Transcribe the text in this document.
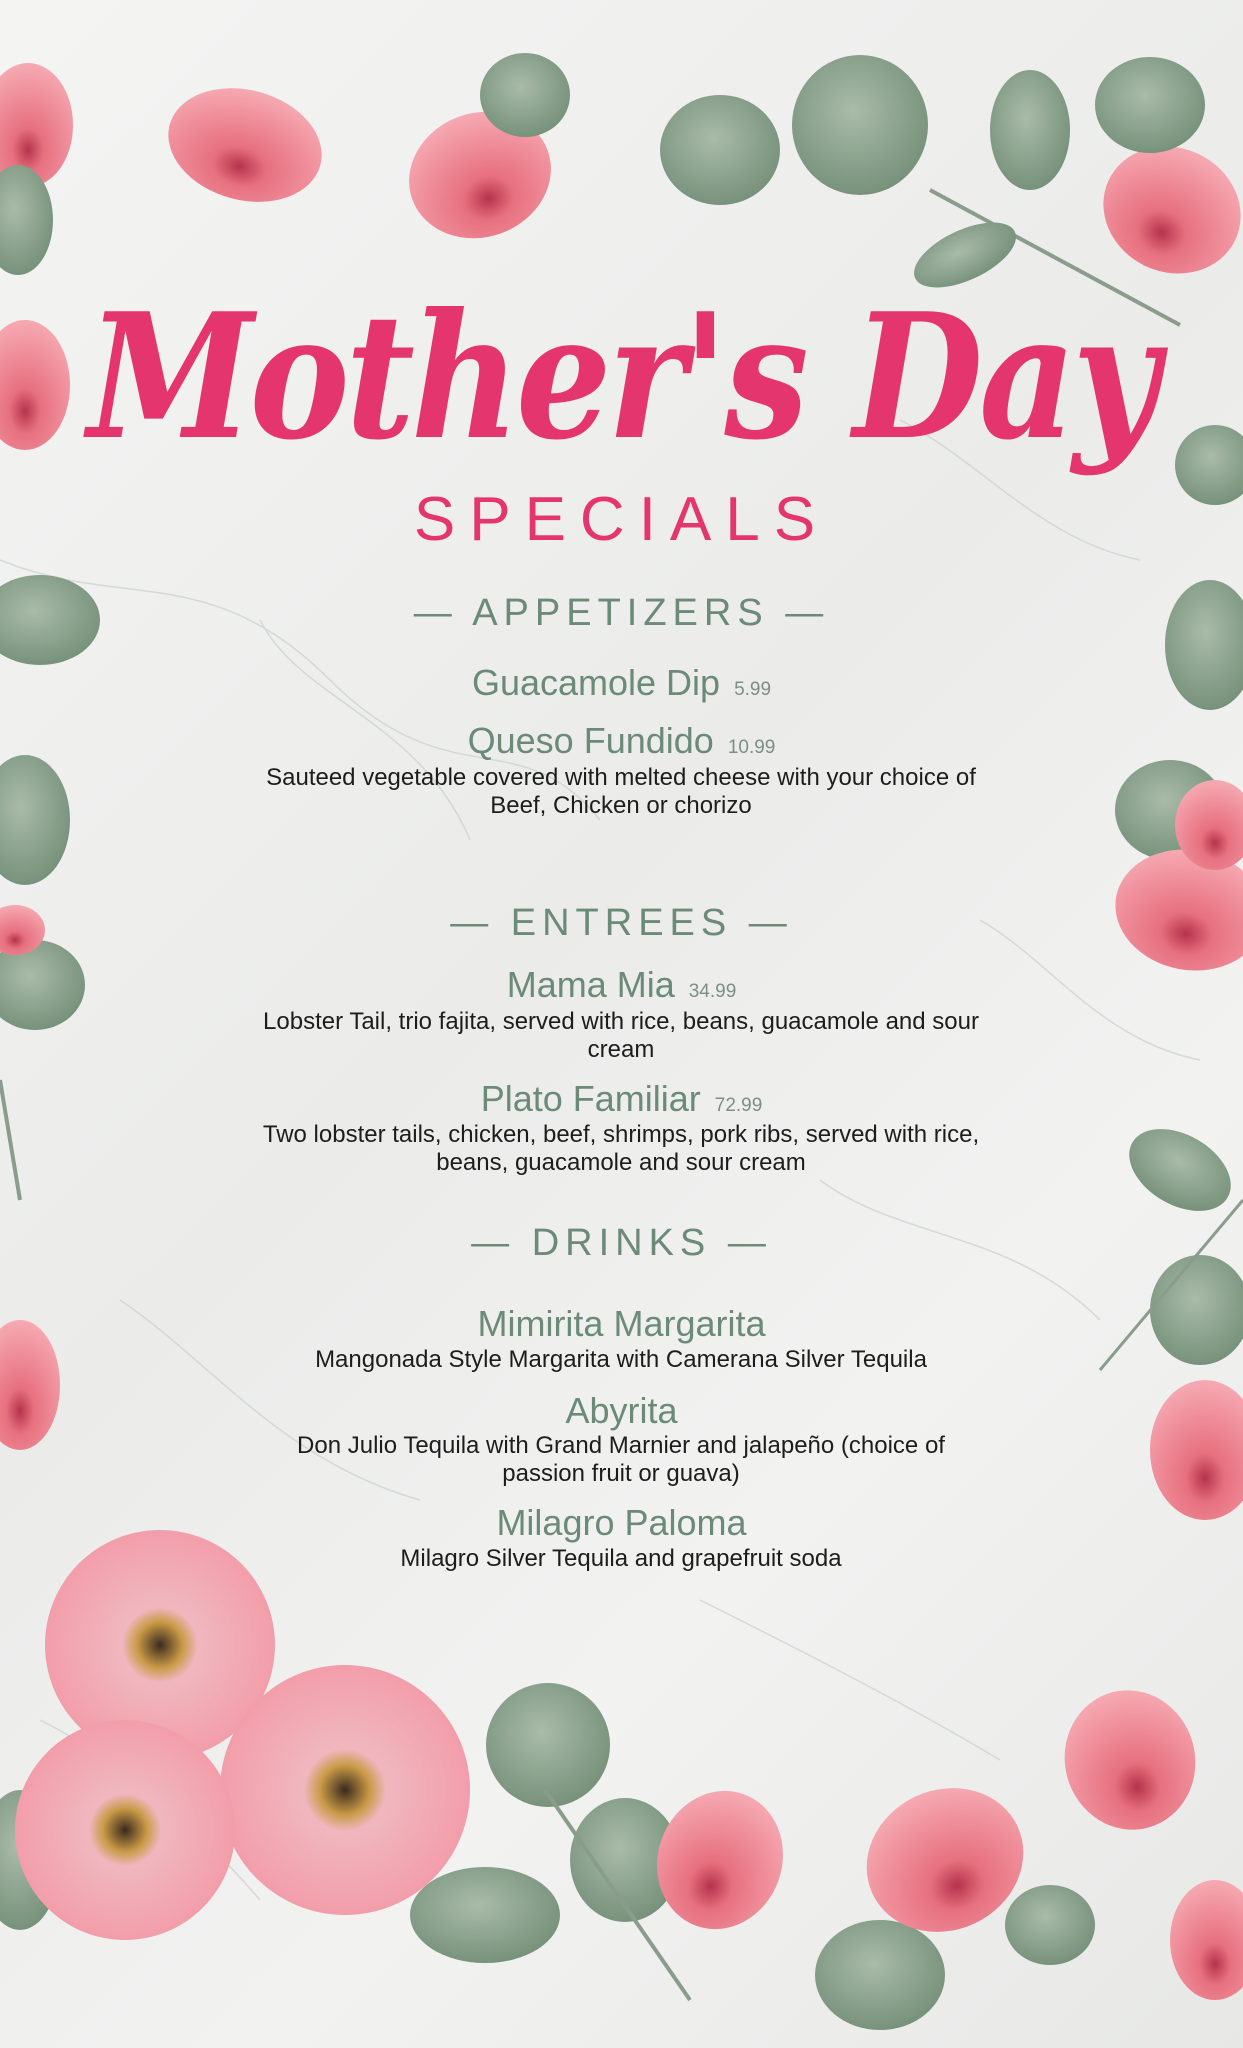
Mother's Day
SPECIALS
— APPETIZERS —
Guacamole Dip 5.99
Queso Fundido 10.99
Sauteed vegetable covered with melted cheese with your choice of Beef, Chicken or chorizo
— ENTREES —
Mama Mia 34.99
Lobster Tail, trio fajita, served with rice, beans, guacamole and sour cream
Plato Familiar 72.99
Two lobster tails, chicken, beef, shrimps, pork ribs, served with rice, beans, guacamole and sour cream
— DRINKS —
Mimirita Margarita
Mangonada Style Margarita with Camerana Silver Tequila
Abyrita
Don Julio Tequila with Grand Marnier and jalapeño (choice of passion fruit or guava)
Milagro Paloma
Milagro Silver Tequila and grapefruit soda
